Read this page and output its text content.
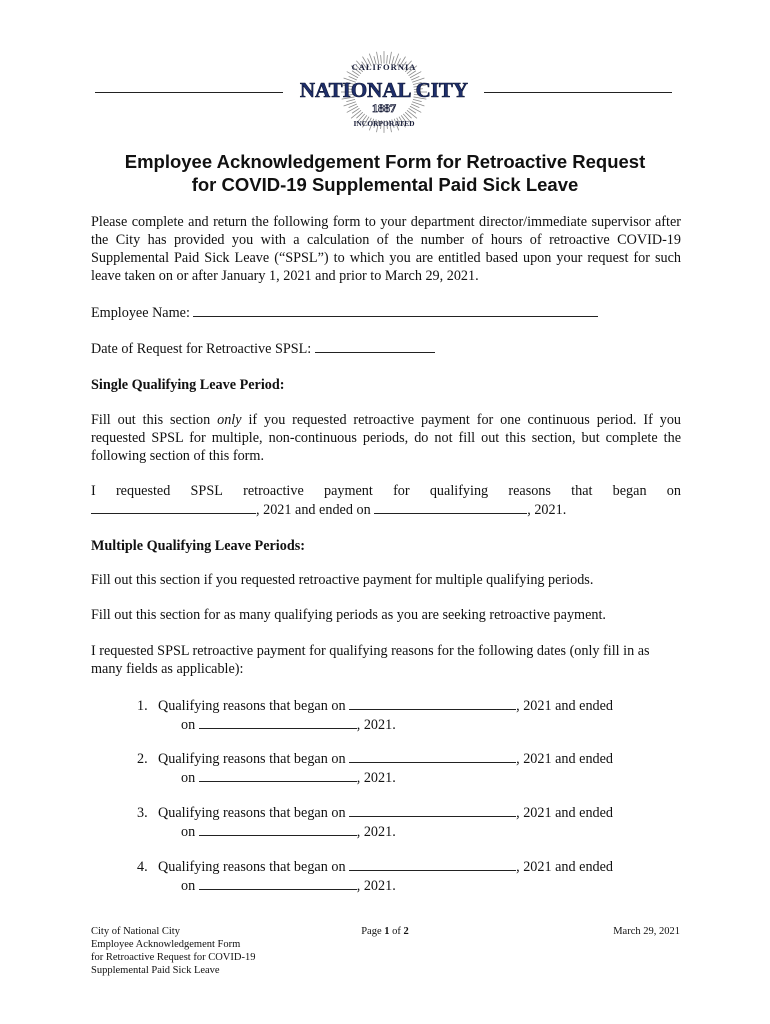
CALIFORNIA
NATIONAL CITY
1887
INCORPORATED
Employee Acknowledgement Form for Retroactive Request
for COVID-19 Supplemental Paid Sick Leave
Please complete and return the following form to your department director/immediate supervisor after the City has provided you with a calculation of the number of hours of retroactive COVID-19 Supplemental Paid Sick Leave (“SPSL”) to which you are entitled based upon your request for such leave taken on or after January 1, 2021 and prior to March 29, 2021.
Employee Name:
Date of Request for Retroactive SPSL:
Single Qualifying Leave Period:
Fill out this section only if you requested retroactive payment for one continuous period. If you requested SPSL for multiple, non-continuous periods, do not fill out this section, but complete the following section of this form.
I requested SPSL retroactive payment for qualifying reasons that began on
, 2021 and ended on	, 2021.
Multiple Qualifying Leave Periods:
Fill out this section if you requested retroactive payment for multiple qualifying periods.
Fill out this section for as many qualifying periods as you are seeking retroactive payment.
I requested SPSL retroactive payment for qualifying reasons for the following dates (only fill in as many fields as applicable):
1. Qualifying reasons that began on	, 2021 and ended
on	, 2021.
2. Qualifying reasons that began on	, 2021 and ended
on	, 2021.
3. Qualifying reasons that began on	, 2021 and ended
on	, 2021.
4. Qualifying reasons that began on	, 2021 and ended
on	, 2021.
City of National City
Employee Acknowledgement Form
for Retroactive Request for COVID-19
Supplemental Paid Sick Leave
Page 1 of 2	March 29, 2021
